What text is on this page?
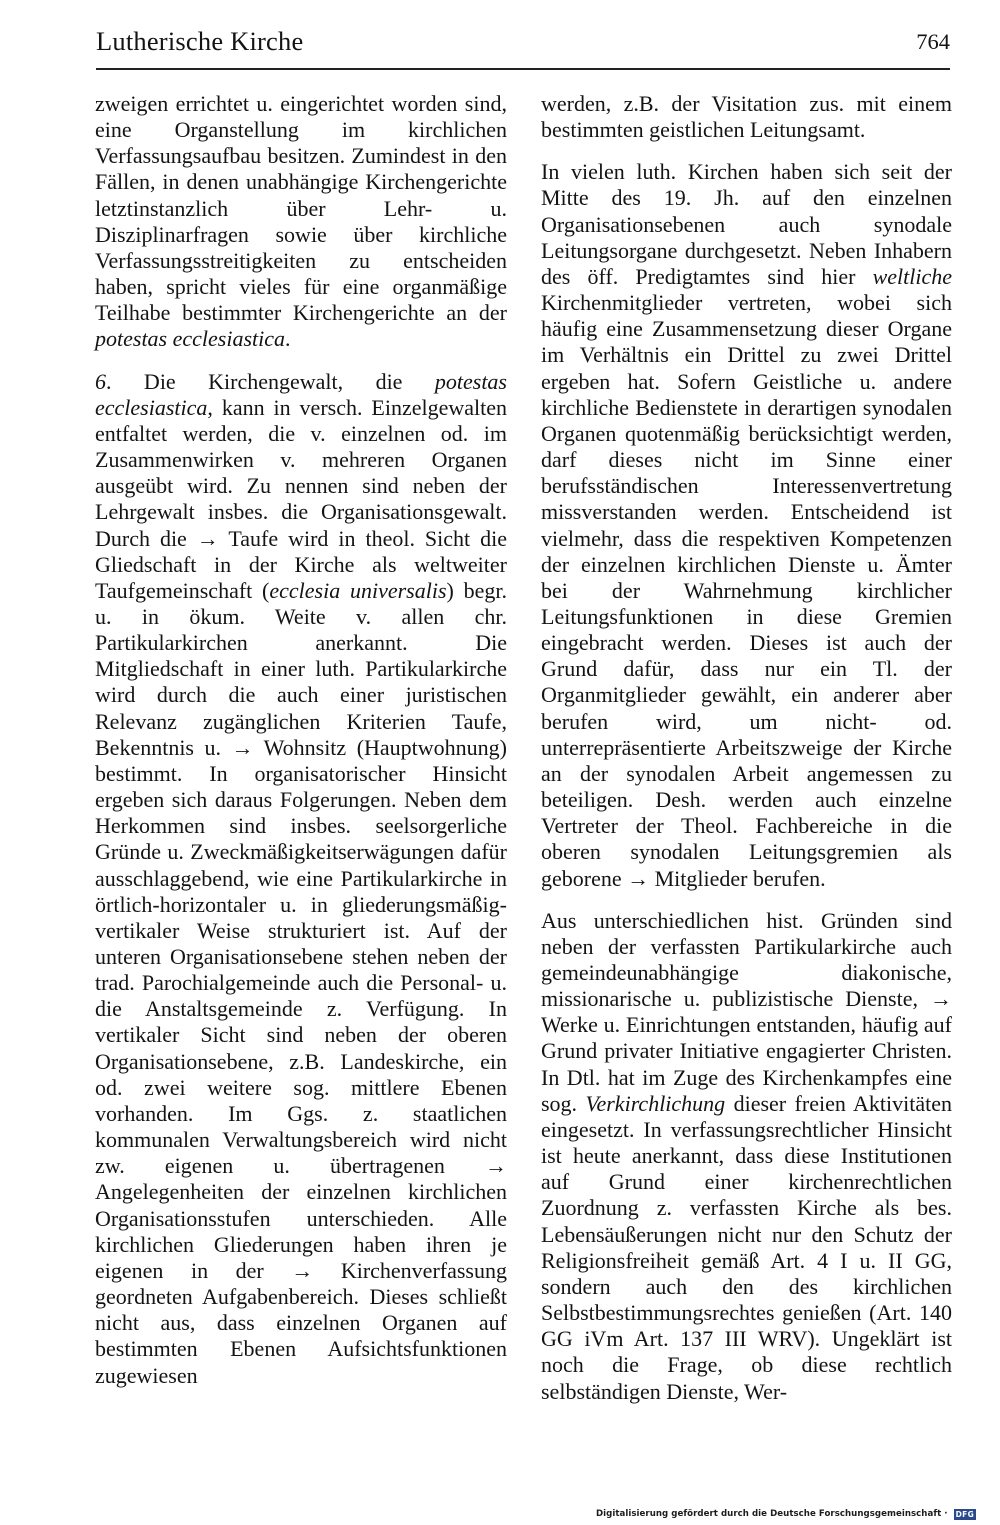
Lutherische Kirche	764

zweigen errichtet u. eingerichtet worden sind, eine Organstellung im kirchlichen Verfassungsaufbau besitzen. Zumindest in den Fällen, in denen unabhängige Kirchengerichte letztinstanzlich über Lehr- u. Disziplinarfragen sowie über kirchliche Verfassungsstreitigkeiten zu entscheiden haben, spricht vieles für eine organmäßige Teilhabe bestimmter Kirchengerichte an der potestas ecclesiastica.

6. Die Kirchengewalt, die potestas ecclesiastica, kann in versch. Einzelgewalten entfaltet werden, die v. einzelnen od. im Zusammenwirken v. mehreren Organen ausgeübt wird. Zu nennen sind neben der Lehrgewalt insbes. die Organisationsgewalt. Durch die → Taufe wird in theol. Sicht die Gliedschaft in der Kirche als weltweiter Taufgemeinschaft (ecclesia universalis) begr. u. in ökum. Weite v. allen chr. Partikularkirchen anerkannt. Die Mitgliedschaft in einer luth. Partikularkirche wird durch die auch einer juristischen Relevanz zugänglichen Kriterien Taufe, Bekenntnis u. → Wohnsitz (Hauptwohnung) bestimmt. In organisatorischer Hinsicht ergeben sich daraus Folgerungen. Neben dem Herkommen sind insbes. seelsorgerliche Gründe u. Zweckmäßigkeitserwägungen dafür ausschlaggebend, wie eine Partikularkirche in örtlich-horizontaler u. in gliederungsmäßig-vertikaler Weise strukturiert ist. Auf der unteren Organisationsebene stehen neben der trad. Parochialgemeinde auch die Personal- u. die Anstaltsgemeinde z. Verfügung. In vertikaler Sicht sind neben der oberen Organisationsebene, z.B. Landeskirche, ein od. zwei weitere sog. mittlere Ebenen vorhanden. Im Ggs. z. staatlichen kommunalen Verwaltungsbereich wird nicht zw. eigenen u. übertragenen → Angelegenheiten der einzelnen kirchlichen Organisationsstufen unterschieden. Alle kirchlichen Gliederungen haben ihren je eigenen in der → Kirchenverfassung geordneten Aufgabenbereich. Dieses schließt nicht aus, dass einzelnen Organen auf bestimmten Ebenen Aufsichtsfunktionen zugewiesen

werden, z.B. der Visitation zus. mit einem bestimmten geistlichen Leitungsamt.

In vielen luth. Kirchen haben sich seit der Mitte des 19. Jh. auf den einzelnen Organisationsebenen auch synodale Leitungsorgane durchgesetzt. Neben Inhabern des öff. Predigtamtes sind hier weltliche Kirchenmitglieder vertreten, wobei sich häufig eine Zusammensetzung dieser Organe im Verhältnis ein Drittel zu zwei Drittel ergeben hat. Sofern Geistliche u. andere kirchliche Bedienstete in derartigen synodalen Organen quotenmäßig berücksichtigt werden, darf dieses nicht im Sinne einer berufsständischen Interessenvertretung missverstanden werden. Entscheidend ist vielmehr, dass die respektiven Kompetenzen der einzelnen kirchlichen Dienste u. Ämter bei der Wahrnehmung kirchlicher Leitungsfunktionen in diese Gremien eingebracht werden. Dieses ist auch der Grund dafür, dass nur ein Tl. der Organmitglieder gewählt, ein anderer aber berufen wird, um nicht- od. unterrepräsentierte Arbeitszweige der Kirche an der synodalen Arbeit angemessen zu beteiligen. Desh. werden auch einzelne Vertreter der Theol. Fachbereiche in die oberen synodalen Leitungsgremien als geborene → Mitglieder berufen.

Aus unterschiedlichen hist. Gründen sind neben der verfassten Partikularkirche auch gemeindeunabhängige diakonische, missionarische u. publizistische Dienste, → Werke u. Einrichtungen entstanden, häufig auf Grund privater Initiative engagierter Christen. In Dtl. hat im Zuge des Kirchenkampfes eine sog. Verkirchlichung dieser freien Aktivitäten eingesetzt. In verfassungsrechtlicher Hinsicht ist heute anerkannt, dass diese Institutionen auf Grund einer kirchenrechtlichen Zuordnung z. verfassten Kirche als bes. Lebensäußerungen nicht nur den Schutz der Religionsfreiheit gemäß Art. 4 I u. II GG, sondern auch den des kirchlichen Selbstbestimmungsrechtes genießen (Art. 140 GG iVm Art. 137 III WRV). Ungeklärt ist noch die Frage, ob diese rechtlich selbständigen Dienste, Wer-

Digitalisierung gefördert durch die Deutsche Forschungsgemeinschaft · DFG
